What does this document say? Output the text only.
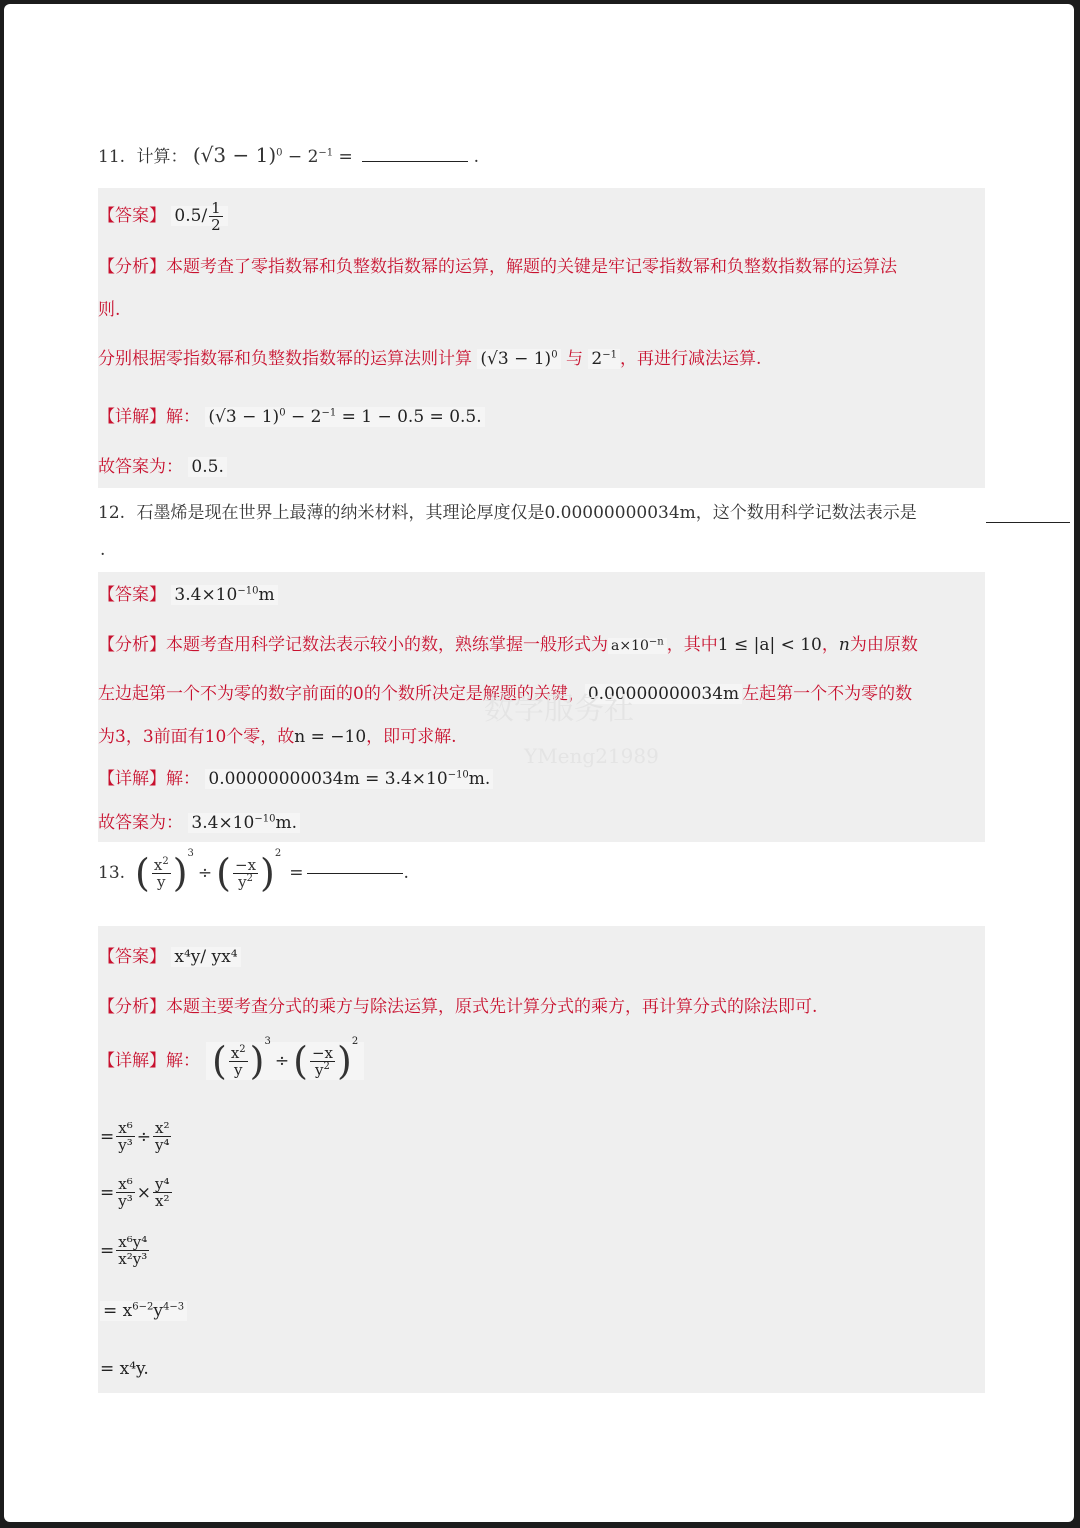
11. 计算： $(√3 - 1)^0 - 2^{-1}$ =	.
【答案】 $0.5/ \frac{1}{2}$
【分析】本题考查了零指数幂和负整数指数幂的运算，解题的关键是牢记零指数幂和负整数指数幂的运算法
则.
分别根据零指数幂和负整数指数幂的运算法则计算 $(√3 - 1)^0$ 与 $2^{-1}$ ，再进行减法运算.
【详解】解： $(√3 - 1)^0 - 2^{-1} = 1 - 0.5 = 0.5$.
故答案为： 0.5.
12. 石墨烯是现在世界上最薄的纳米材料，其理论厚度仅是0.00000000034m，这个数用科学记数法表示是
.
【答案】 $3.4\times 10^{-10}m$
【分析】本题考查用科学记数法表示较小的数，熟练掌握一般形式为 $a\times 10^{-n}$ ，其中1 ≤ |a| < 10，n为由原数
左边起第一个不为零的数字前面的0的个数所决定是解题的关键， 0.00000000034m 左起第一个不为零的数
为3，3前面有10个零，故n = −10，即可求解.
【详解】解： $0.00000000034m = 3.4\times 10^{-10}m$.
故答案为： $3.4\times 10^{-10}m$.
数学服务社
YMeng21989
13. ( $\frac{x^2}{y}$ ) 3
÷ ( $\frac{-x}{y^2}$ ) 2
=	.
【答案】 x⁴y/ yx⁴
【分析】本题主要考查分式的乘方与除法运算，原式先计算分式的乘方，再计算分式的除法即可.
【详解】 解： ( $\frac{x^2}{y}$ ) 3
÷ ( $\frac{-x}{y^2}$ ) 2
= $\frac{\text{x⁶}}{\text{y³}} \div \frac{\text{x²}}{\text{y⁴}}$
= $\frac{\text{x⁶}}{\text{y³}} \times \frac{\text{y⁴}}{\text{x²}}$
= $\frac{\text{x⁶y⁴}}{\text{x²y³}}$
= $x^{6-2}y^{4-3}$
= x⁴y.
